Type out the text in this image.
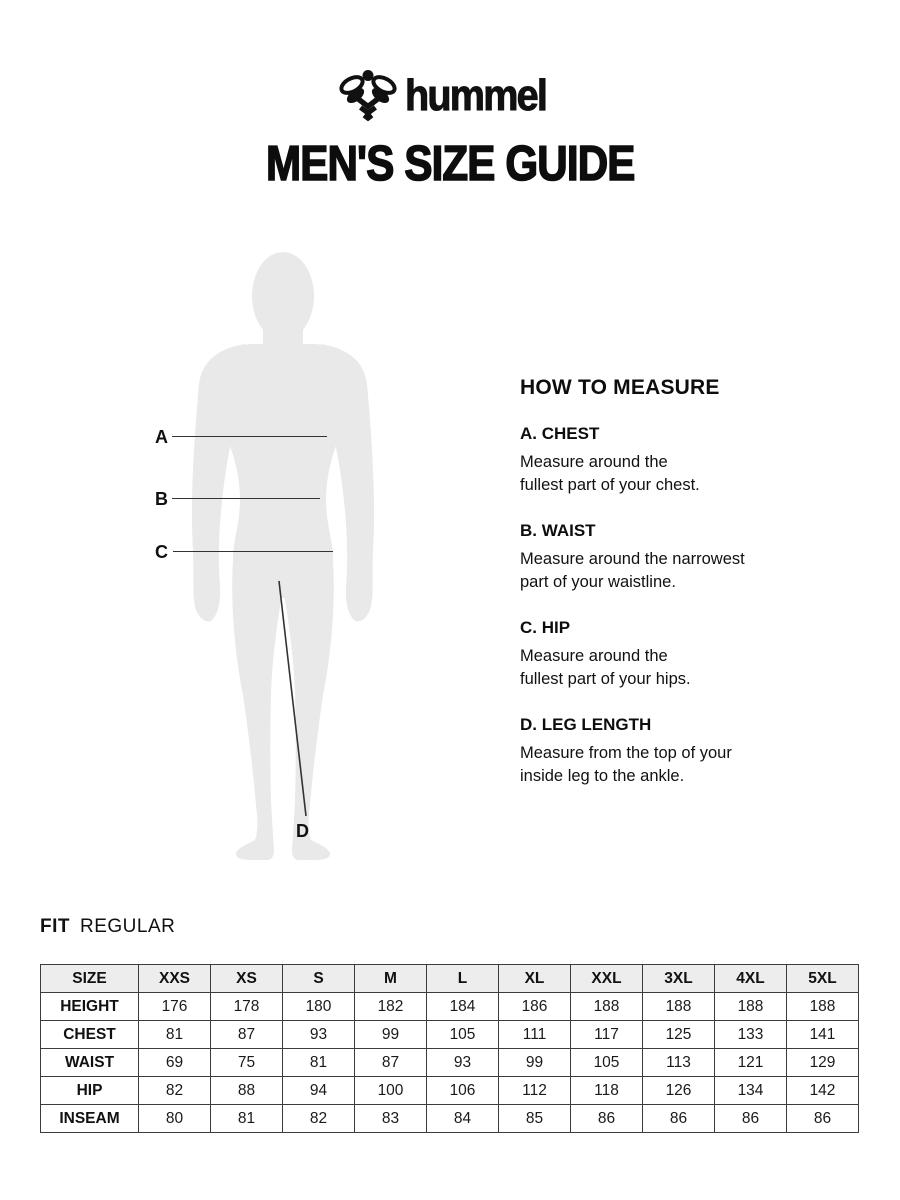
hummel
MEN'S SIZE GUIDE
A
B
C
D
HOW TO MEASURE
A. CHEST
Measure around the
fullest part of your chest.
B. WAIST
Measure around the narrowest
part of your waistline.
C. HIP
Measure around the
fullest part of your hips.
D. LEG LENGTH
Measure from the top of your
inside leg to the ankle.
FIT REGULAR
SIZE	XXS	XS	S	M	L	XL	XXL	3XL	4XL	5XL
HEIGHT	176	178	180	182	184	186	188	188	188	188
CHEST	81	87	93	99	105	111	117	125	133	141
WAIST	69	75	81	87	93	99	105	113	121	129
HIP	82	88	94	100	106	112	118	126	134	142
INSEAM	80	81	82	83	84	85	86	86	86	86
